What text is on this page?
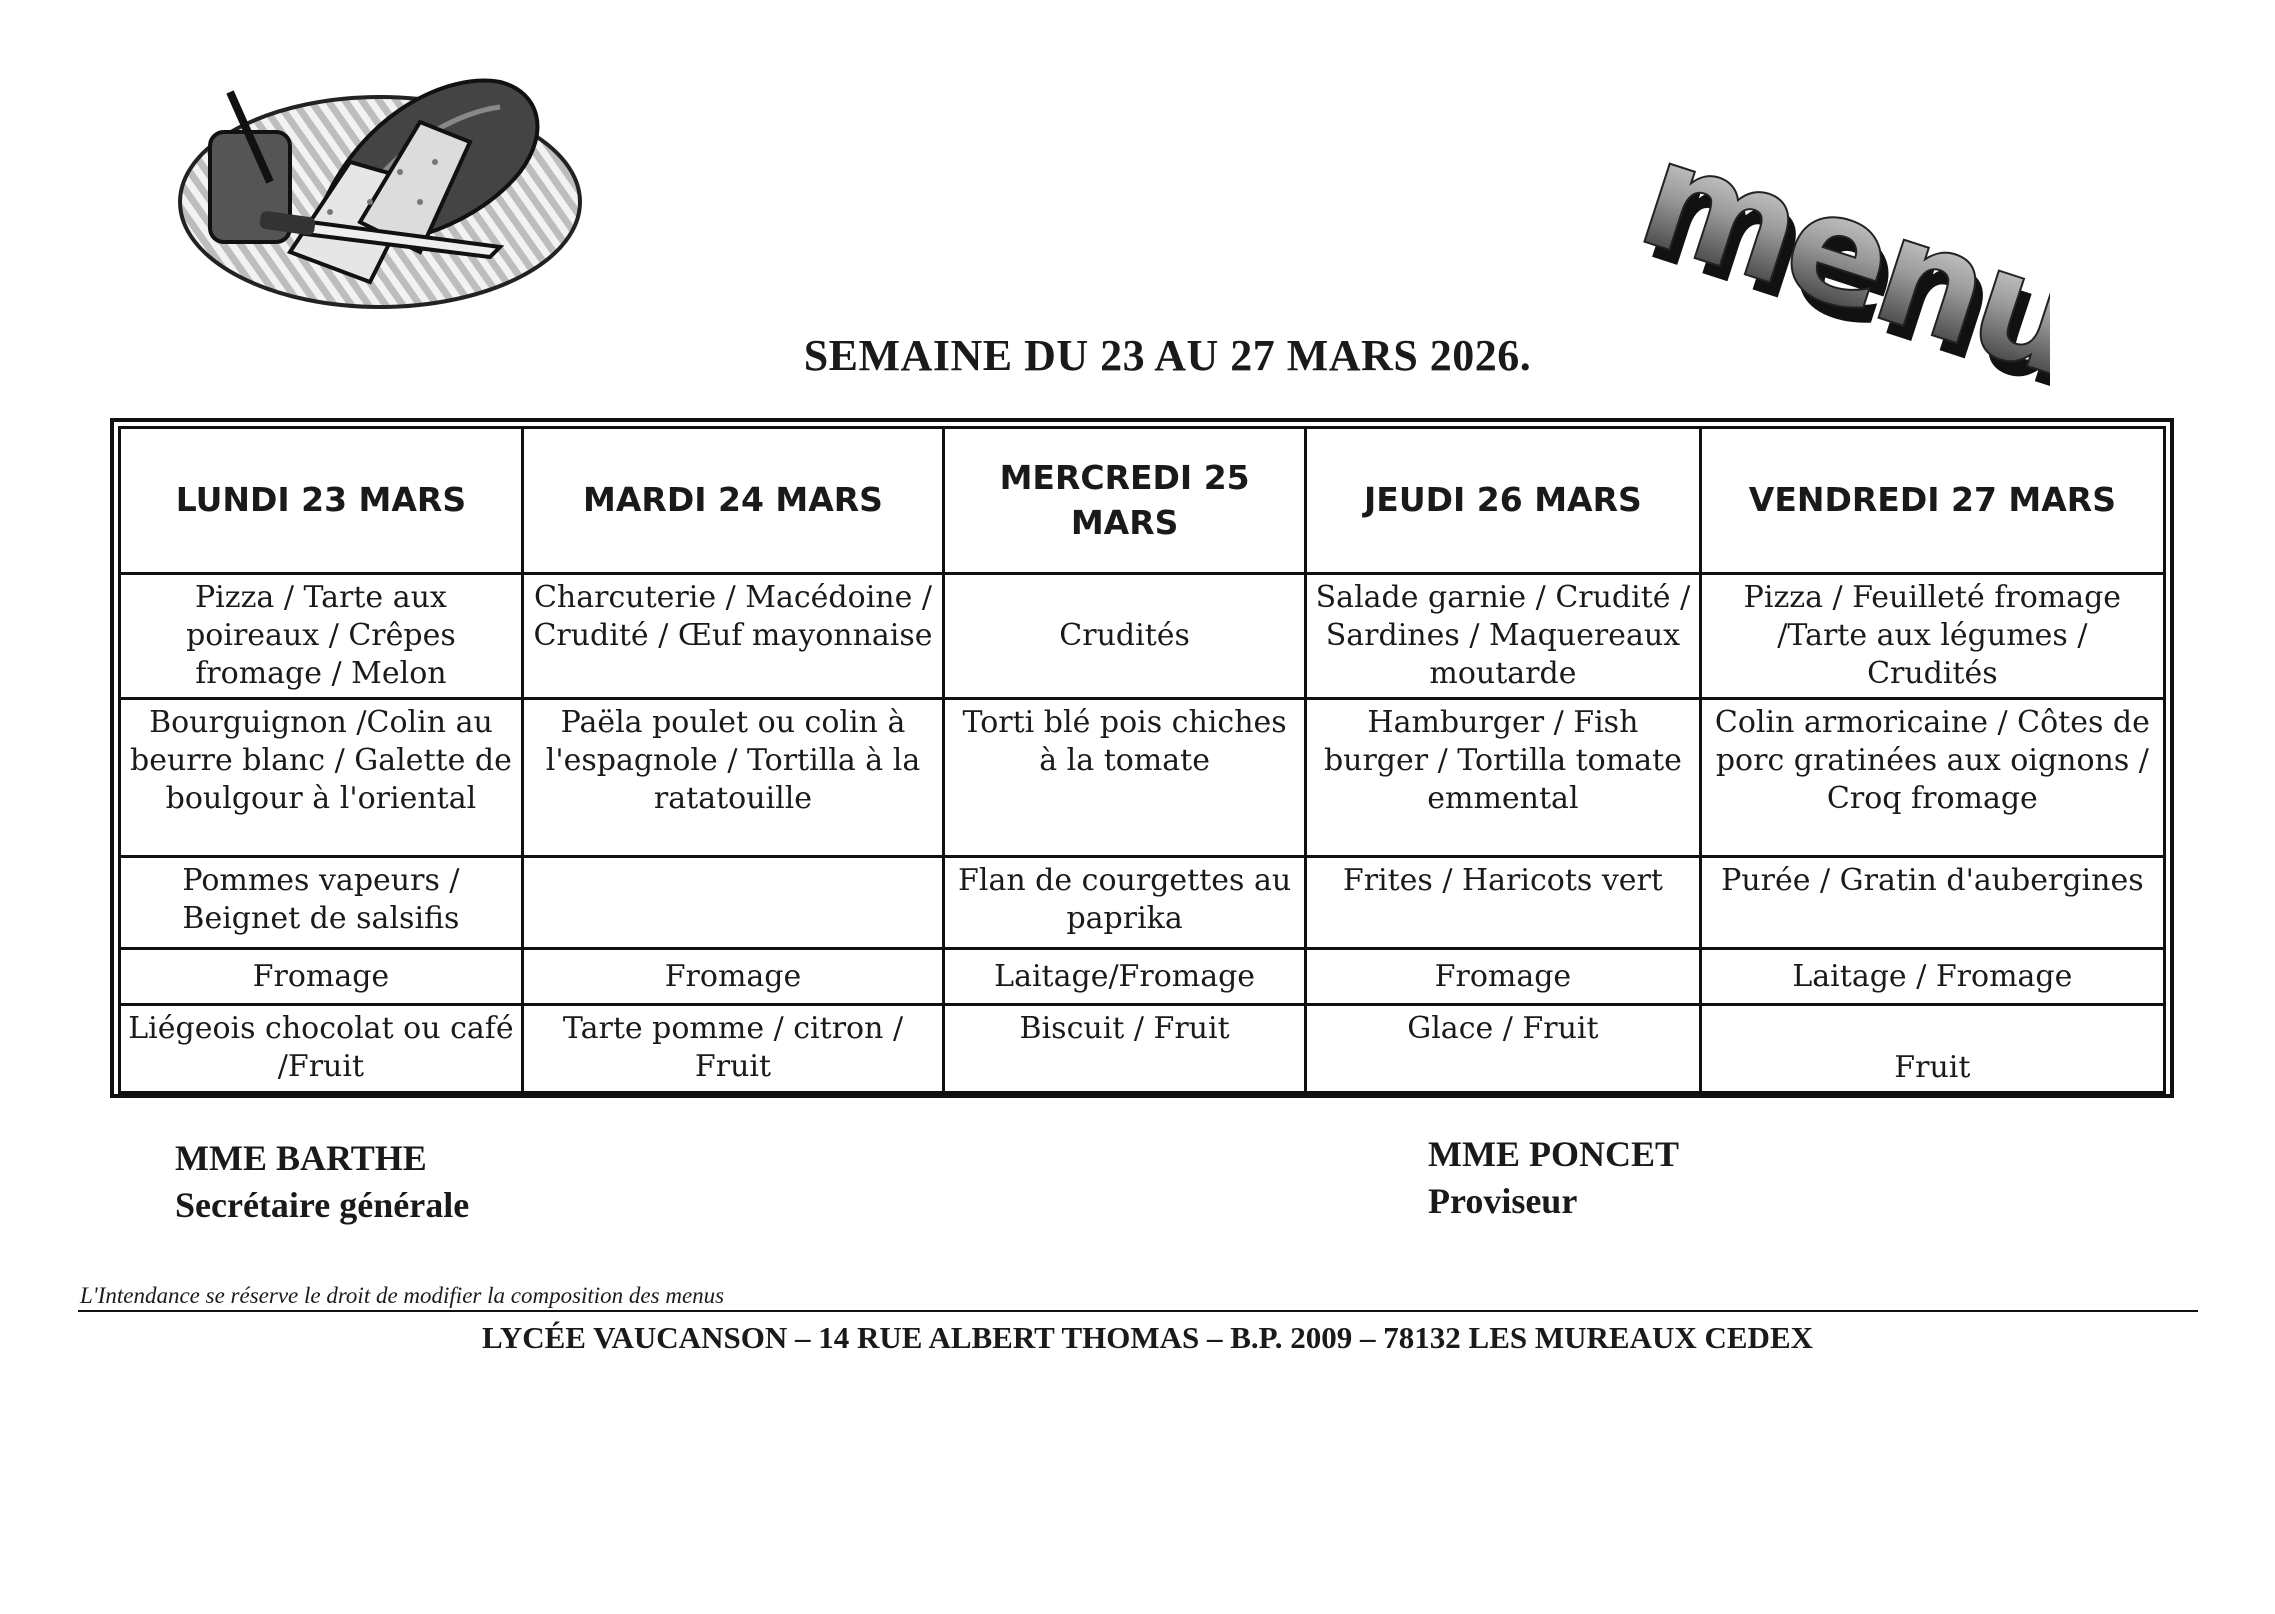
menu
menu
SEMAINE DU 23 AU 27 MARS 2026.
LUNDI 23 MARS	MARDI 24 MARS	MERCREDI 25 MARS	JEUDI 26 MARS	VENDREDI 27 MARS
Pizza / Tarte aux poireaux / Crêpes fromage / Melon	Charcuterie / Macédoine / Crudité / Œuf mayonnaise	Crudités	Salade garnie / Crudité / Sardines / Maquereaux moutarde	Pizza / Feuilleté fromage /Tarte aux légumes / Crudités
Bourguignon /Colin au beurre blanc / Galette de boulgour à l'oriental	Paëla poulet ou colin à l'espagnole / Tortilla à la ratatouille	Torti blé pois chiches à la tomate	Hamburger / Fish burger / Tortilla tomate emmental	Colin armoricaine / Côtes de porc gratinées aux oignons / Croq fromage
Pommes vapeurs / Beignet de salsifis		Flan de courgettes au paprika	Frites / Haricots vert	Purée / Gratin d'aubergines
Fromage	Fromage	Laitage/Fromage	Fromage	Laitage / Fromage
Liégeois chocolat ou café /Fruit	Tarte pomme / citron / Fruit	Biscuit / Fruit	Glace / Fruit	Fruit
MME BARTHE
Secrétaire générale
MME PONCET
Proviseur
L'Intendance se réserve le droit de modifier la composition des menus
LYCÉE VAUCANSON – 14 RUE ALBERT THOMAS – B.P. 2009 – 78132 LES MUREAUX CEDEX
